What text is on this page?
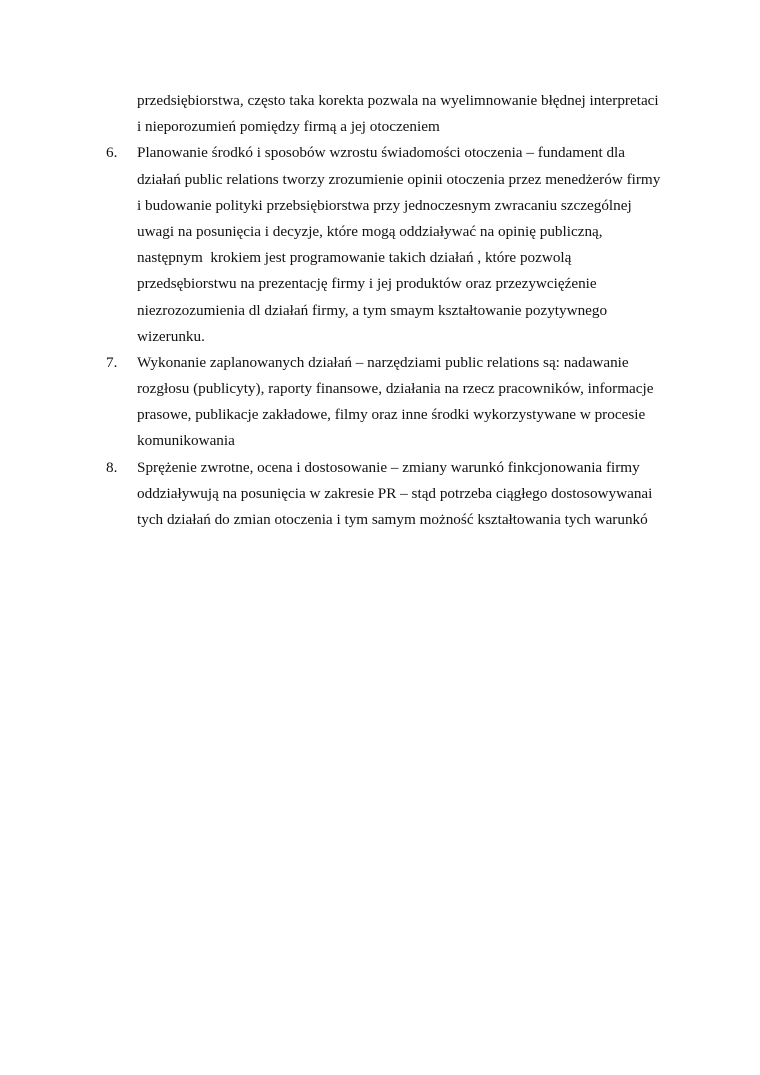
przedsiębiorstwa, często taka korekta pozwala na wyelimnowanie błędnej interpretaci
i nieporozumień pomiędzy firmą a jej otoczeniem
6.	Planowanie środkó i sposobów wzrostu świadomości otoczenia – fundament dla
działań public relations tworzy zrozumienie opinii otoczenia przez menedżerów firmy
i budowanie polityki przebsiębiorstwa przy jednoczesnym zwracaniu szczególnej
uwagi na posunięcia i decyzje, które mogą oddziaływać na opinię publiczną,
następnym  krokiem jest programowanie takich działań , które pozwolą
przedsębiorstwu na prezentację firmy i jej produktów oraz przezywcięźenie
niezrozozumienia dl działań firmy, a tym smaym kształtowanie pozytywnego
wizerunku.
7.	Wykonanie zaplanowanych działań – narzędziami public relations są: nadawanie
rozgłosu (publicyty), raporty finansowe, działania na rzecz pracowników, informacje
prasowe, publikacje zakładowe, filmy oraz inne środki wykorzystywane w procesie
komunikowania
8.	Sprężenie zwrotne, ocena i dostosowanie – zmiany warunkó finkcjonowania firmy
oddziaływują na posunięcia w zakresie PR – stąd potrzeba ciągłego dostosowywanai
tych działań do zmian otoczenia i tym samym możność kształtowania tych warunkó
